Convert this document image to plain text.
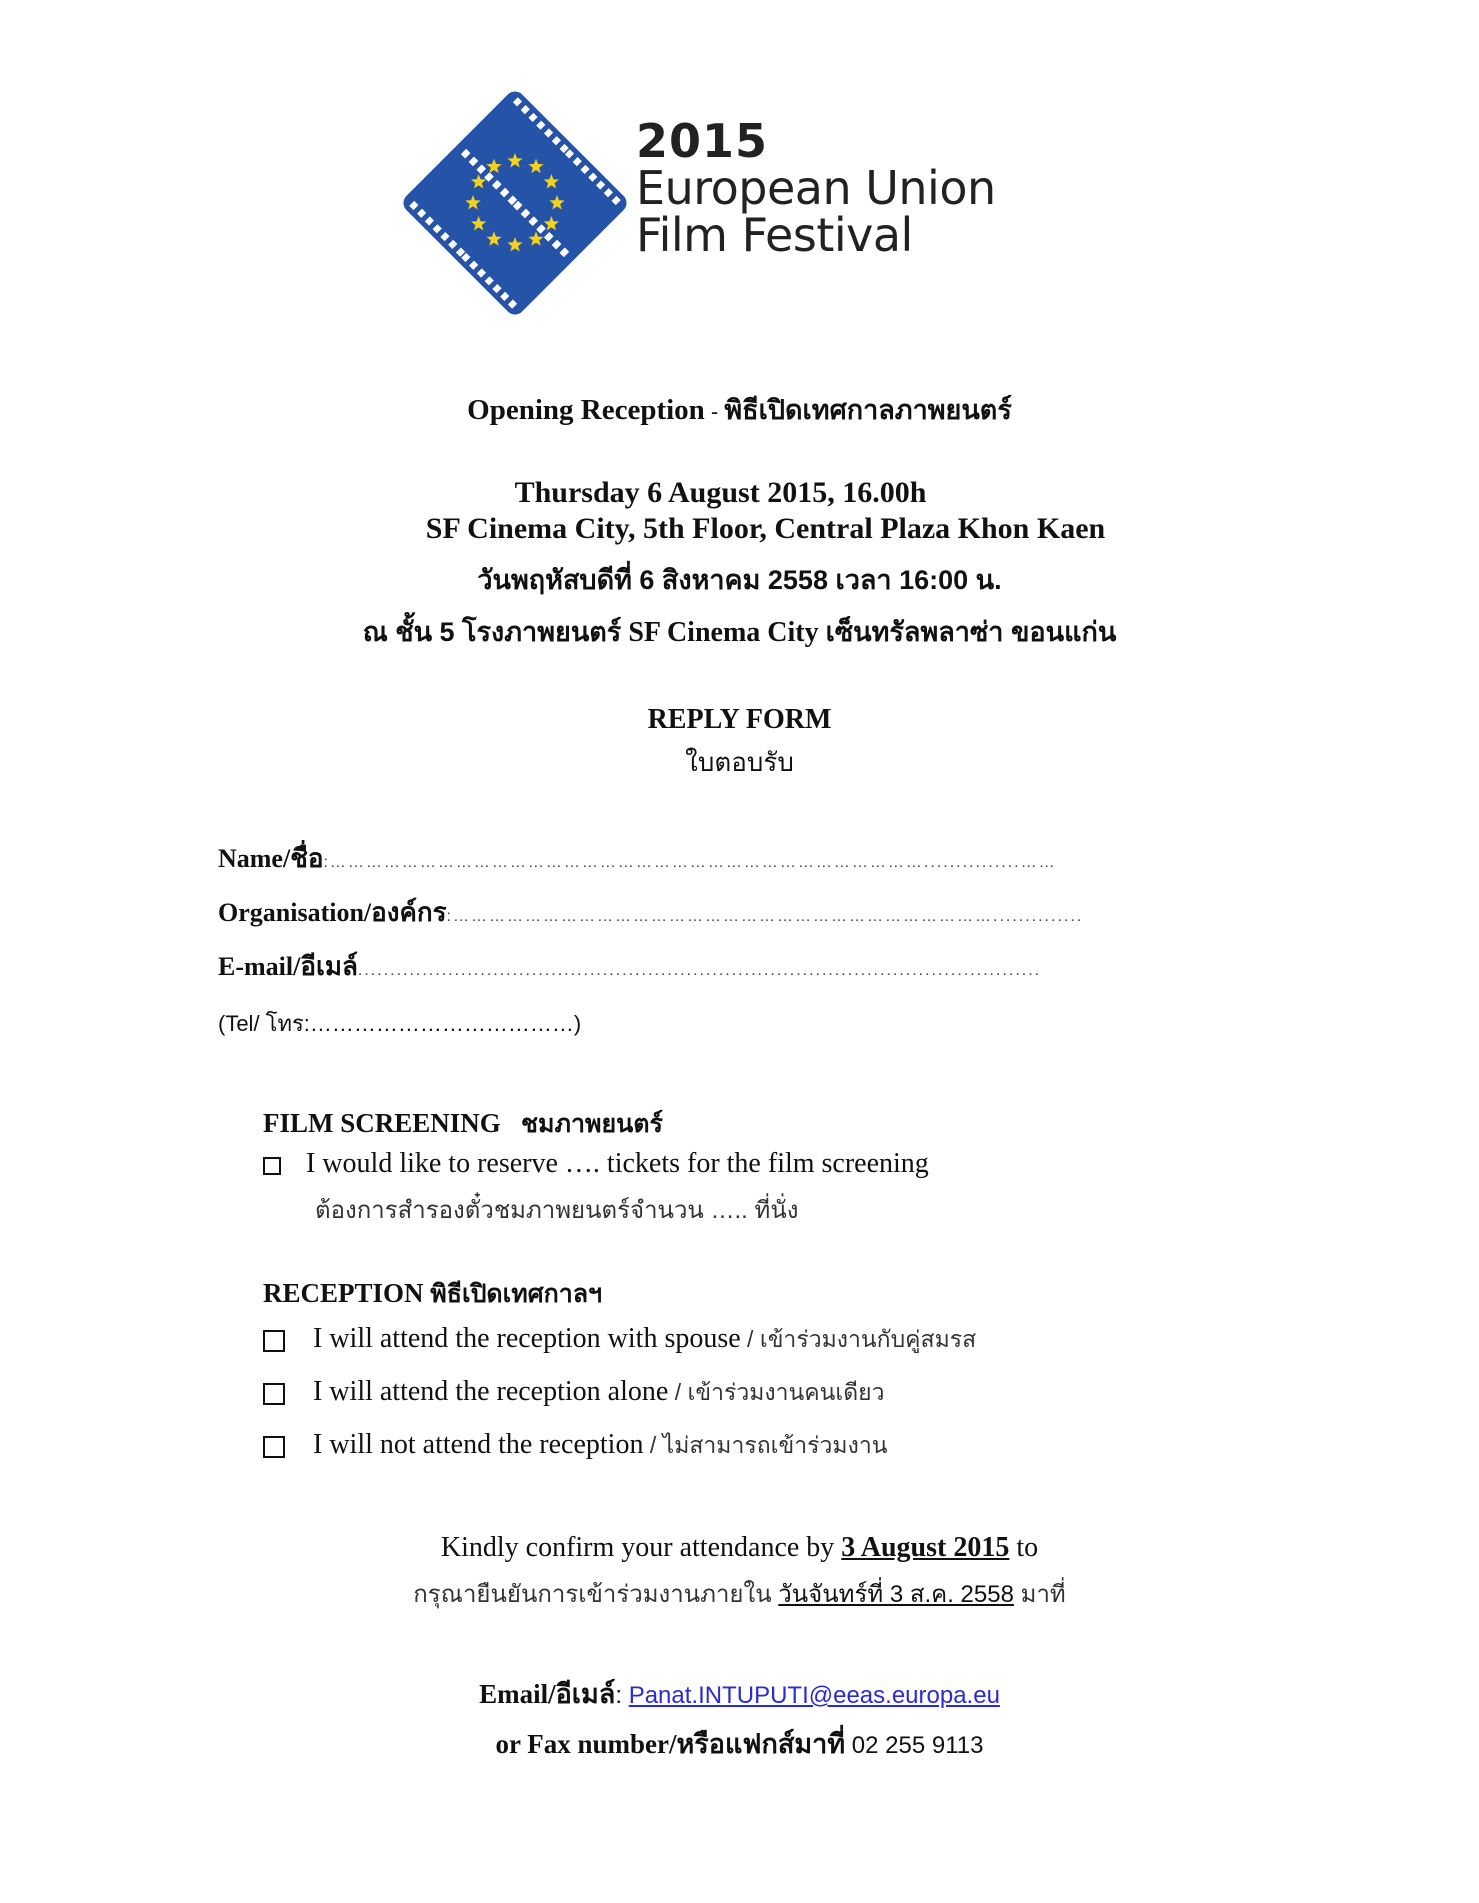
2015
European Union
Film Festival
Opening Reception - พิธีเปิดเทศกาลภาพยนตร์
Thursday 6 August 2015, 16.00h
SF Cinema City, 5th Floor, Central Plaza Khon Kaen
วันพฤหัสบดีที่ 6 สิงหาคม 2558 เวลา 16:00 น.
ณ ชั้น 5 โรงภาพยนตร์ SF Cinema City เซ็นทรัลพลาซ่า ขอนแก่น
REPLY FORM
ใบตอบรับ
Name/ชื่อ:………………………………………………………………………………………...............……
Organisation/องค์กร:………………………………………………………………………………..............
E-mail/อีเมล์..........................................................................................................
(Tel/ โทร:………………………………)
FILM SCREENING ชมภาพยนตร์
I would like to reserve …. tickets for the film screening
ต้องการสำรองตั๋วชมภาพยนตร์จำนวน ….. ที่นั่ง
RECEPTION พิธีเปิดเทศกาลฯ
I will attend the reception with spouse / เข้าร่วมงานกับคู่สมรส
I will attend the reception alone / เข้าร่วมงานคนเดียว
I will not attend the reception / ไม่สามารถเข้าร่วมงาน
Kindly confirm your attendance by 3 August 2015 to
กรุณายืนยันการเข้าร่วมงานภายใน วันจันทร์ที่ 3 ส.ค. 2558 มาที่
Email/อีเมล์: Panat.INTUPUTI@eeas.europa.eu
or Fax number/หรือแฟกส์มาที่ 02 255 9113
